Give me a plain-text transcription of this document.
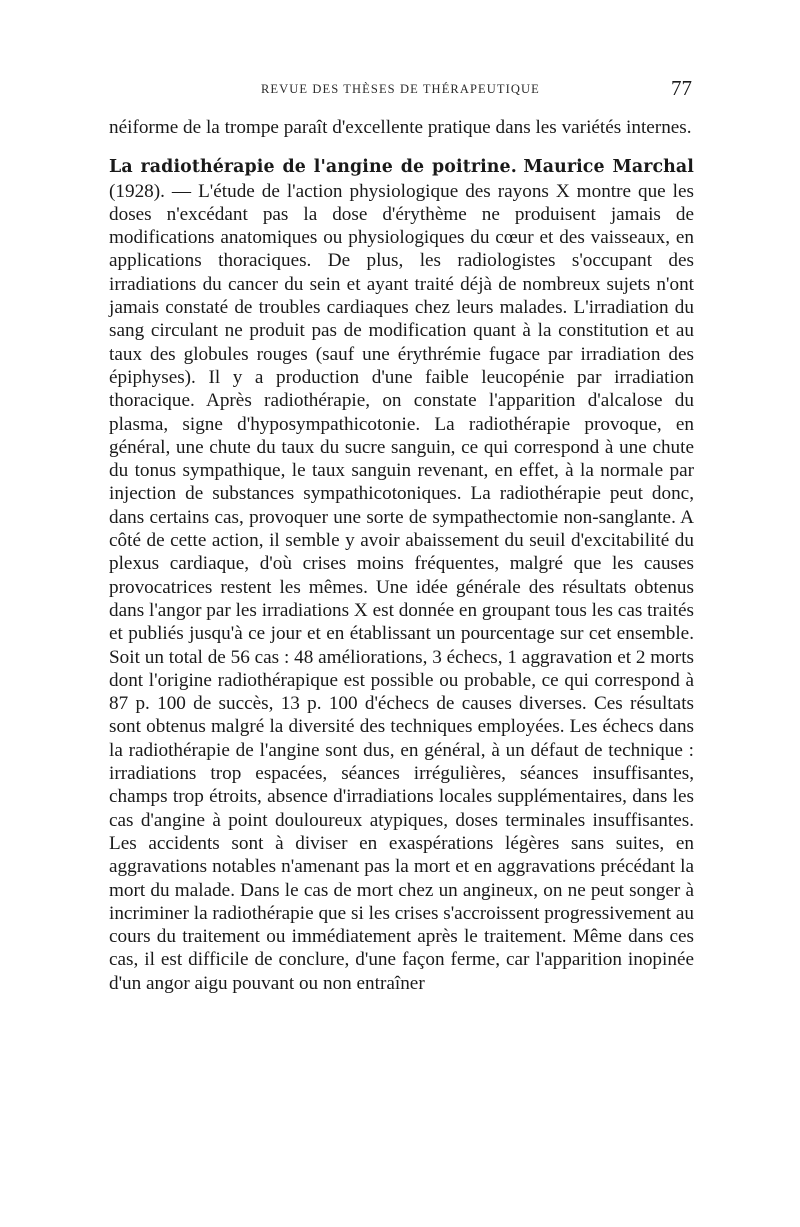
REVUE DES THÈSES DE THÉRAPEUTIQUE	77

néiforme de la trompe paraît d'excellente pratique dans les variétés internes.

La radiothérapie de l'angine de poitrine. Maurice Marchal (1928). — L'étude de l'action physiologique des rayons X montre que les doses n'excédant pas la dose d'érythème ne produisent jamais de modifications anatomiques ou physiologiques du cœur et des vaisseaux, en applications thoraciques. De plus, les radiologistes s'occupant des irradiations du cancer du sein et ayant traité déjà de nombreux sujets n'ont jamais constaté de troubles cardiaques chez leurs malades. L'irradiation du sang circulant ne produit pas de modification quant à la constitution et au taux des globules rouges (sauf une érythrémie fugace par irradiation des épiphyses). Il y a production d'une faible leucopénie par irradiation thoracique. Après radiothérapie, on constate l'apparition d'alcalose du plasma, signe d'hyposympathicotonie. La radiothérapie provoque, en général, une chute du taux du sucre sanguin, ce qui correspond à une chute du tonus sympathique, le taux sanguin revenant, en effet, à la normale par injection de substances sympathicotoniques. La radiothérapie peut donc, dans certains cas, provoquer une sorte de sympathectomie non-sanglante. A côté de cette action, il semble y avoir abaissement du seuil d'excitabilité du plexus cardiaque, d'où crises moins fréquentes, malgré que les causes provocatrices restent les mêmes. Une idée générale des résultats obtenus dans l'angor par les irradiations X est donnée en groupant tous les cas traités et publiés jusqu'à ce jour et en établissant un pourcentage sur cet ensemble. Soit un total de 56 cas : 48 améliorations, 3 échecs, 1 aggravation et 2 morts dont l'origine radiothérapique est possible ou probable, ce qui correspond à 87 p. 100 de succès, 13 p. 100 d'échecs de causes diverses. Ces résultats sont obtenus malgré la diversité des techniques employées. Les échecs dans la radiothérapie de l'angine sont dus, en général, à un défaut de technique : irradiations trop espacées, séances irrégulières, séances insuffisantes, champs trop étroits, absence d'irradiations locales supplémentaires, dans les cas d'angine à point douloureux atypiques, doses terminales insuffisantes. Les accidents sont à diviser en exaspérations légères sans suites, en aggravations notables n'amenant pas la mort et en aggravations précédant la mort du malade. Dans le cas de mort chez un angineux, on ne peut songer à incriminer la radiothérapie que si les crises s'accroissent progressivement au cours du traitement ou immédiatement après le traitement. Même dans ces cas, il est difficile de conclure, d'une façon ferme, car l'apparition inopinée d'un angor aigu pouvant ou non entraîner
